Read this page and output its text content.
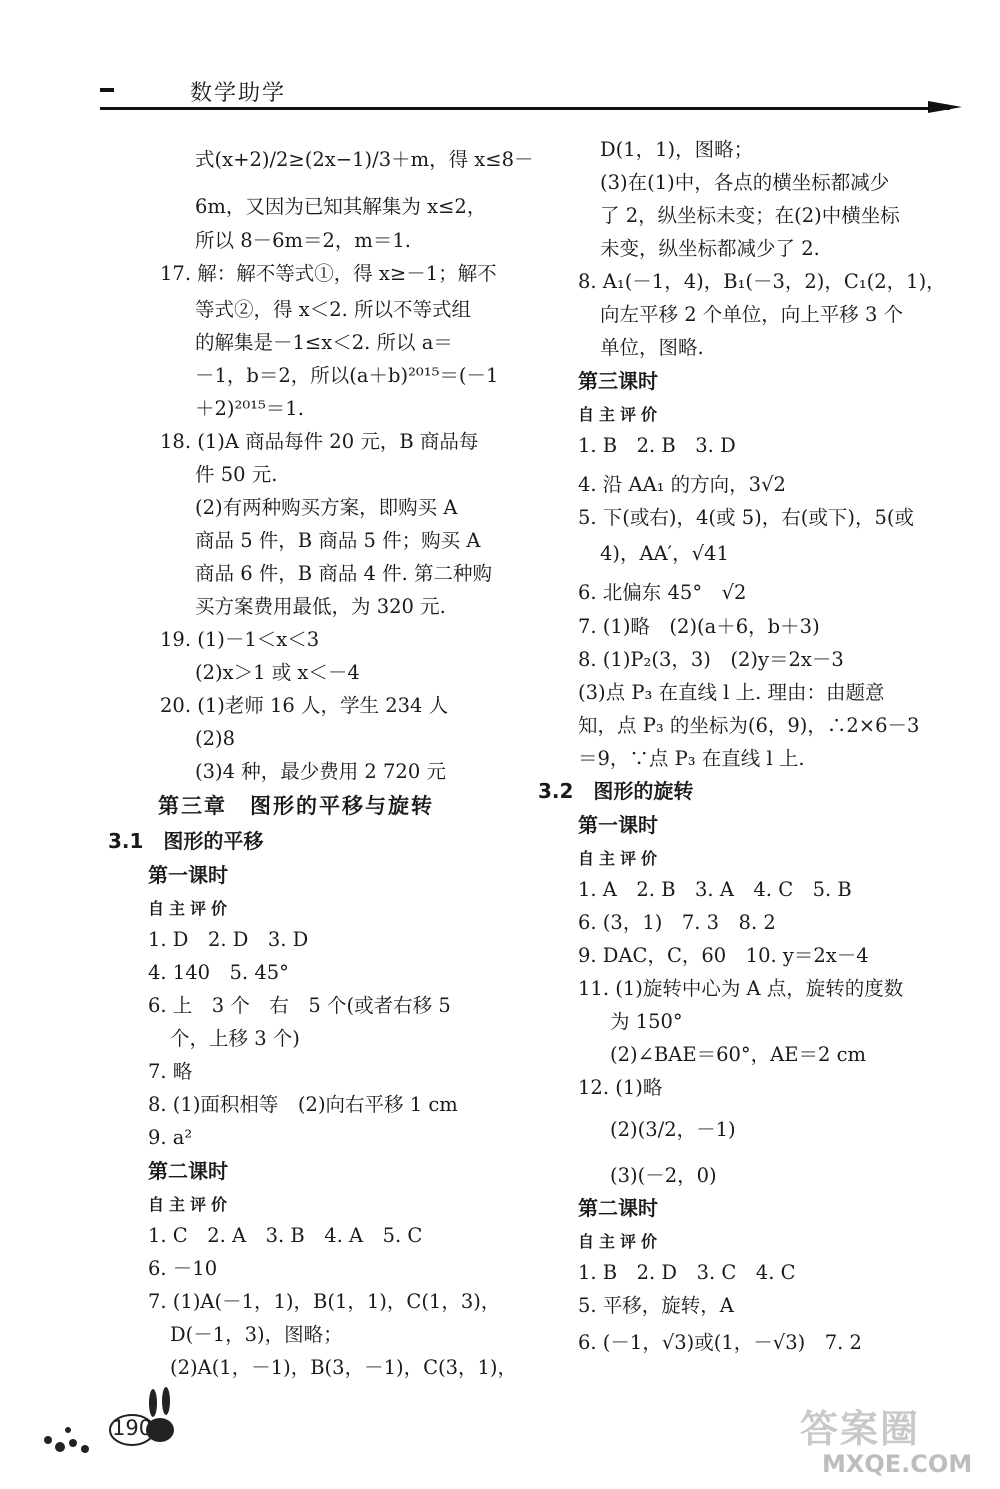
数学助学
式(x+2)/2≥(2x−1)/3＋m，得 x≤8－
6m，又因为已知其解集为 x≤2，
所以 8－6m＝2，m＝1.
17. 解：解不等式①，得 x≥－1；解不
等式②，得 x＜2. 所以不等式组
的解集是－1≤x＜2. 所以 a＝
－1，b＝2，所以(a＋b)²⁰¹⁵＝(－1
＋2)²⁰¹⁵＝1.
18. (1)A 商品每件 20 元，B 商品每
件 50 元.
(2)有两种购买方案，即购买 A
商品 5 件，B 商品 5 件；购买 A
商品 6 件，B 商品 4 件. 第二种购
买方案费用最低，为 320 元.
19. (1)－1＜x＜3
(2)x＞1 或 x＜－4
20. (1)老师 16 人，学生 234 人
(2)8
(3)4 种，最少费用 2 720 元
第三章　图形的平移与旋转
3.1　图形的平移
第一课时
自主评价
1. D　2. D　3. D
4. 140　5. 45°
6. 上　3 个　右　5 个(或者右移 5
个，上移 3 个)
7. 略
8. (1)面积相等　(2)向右平移 1 cm
9. a²
第二课时
自主评价
1. C　2. A　3. B　4. A　5. C
6. －10
7. (1)A(－1，1)，B(1，1)，C(1，3)，
D(－1，3)，图略；
(2)A(1，－1)，B(3，－1)，C(3，1)，
D(1，1)，图略；
(3)在(1)中，各点的横坐标都减少
了 2，纵坐标未变；在(2)中横坐标
未变，纵坐标都减少了 2.
8. A₁(－1，4)，B₁(－3，2)，C₁(2，1)，
向左平移 2 个单位，向上平移 3 个
单位，图略.
第三课时
自主评价
1. B　2. B　3. D
4. 沿 AA₁ 的方向，3√2
5. 下(或右)，4(或 5)，右(或下)，5(或
4)，AA′，√41
6. 北偏东 45°　√2
7. (1)略　(2)(a＋6，b＋3)
8. (1)P₂(3，3)　(2)y＝2x－3
(3)点 P₃ 在直线 l 上. 理由：由题意
知，点 P₃ 的坐标为(6，9)，∴2×6－3
＝9，∵点 P₃ 在直线 l 上.
3.2　图形的旋转
第一课时
自主评价
1. A　2. B　3. A　4. C　5. B
6. (3，1)　7. 3　8. 2
9. DAC，C，60　10. y＝2x－4
11. (1)旋转中心为 A 点，旋转的度数
为 150°
(2)∠BAE＝60°，AE＝2 cm
12. (1)略
(2)(3/2，－1)
(3)(－2，0)
第二课时
自主评价
1. B　2. D　3. C　4. C
5. 平移，旋转，A
6. (－1，√3)或(1，－√3)　7. 2
190	答案圈
MXQE.COM
